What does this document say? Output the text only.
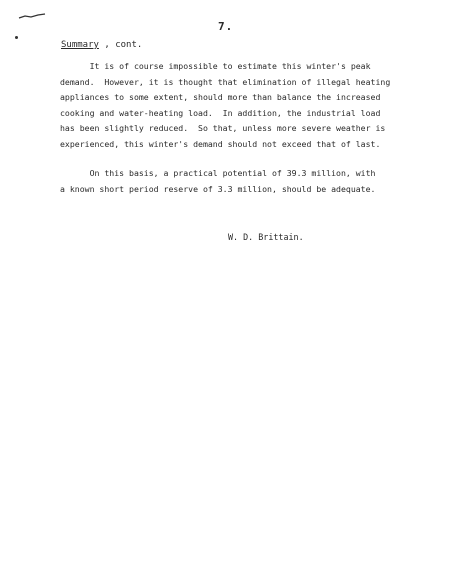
7.
Summary , cont.
It is of course impossible to estimate this winter's peak
demand.  However, it is thought that elimination of illegal heating
appliances to some extent, should more than balance the increased
cooking and water-heating load.  In addition, the industrial load
has been slightly reduced.  So that, unless more severe weather is
experienced, this winter's demand should not exceed that of last.
On this basis, a practical potential of 39.3 million, with
a known short period reserve of 3.3 million, should be adequate.
W. D. Brittain.
